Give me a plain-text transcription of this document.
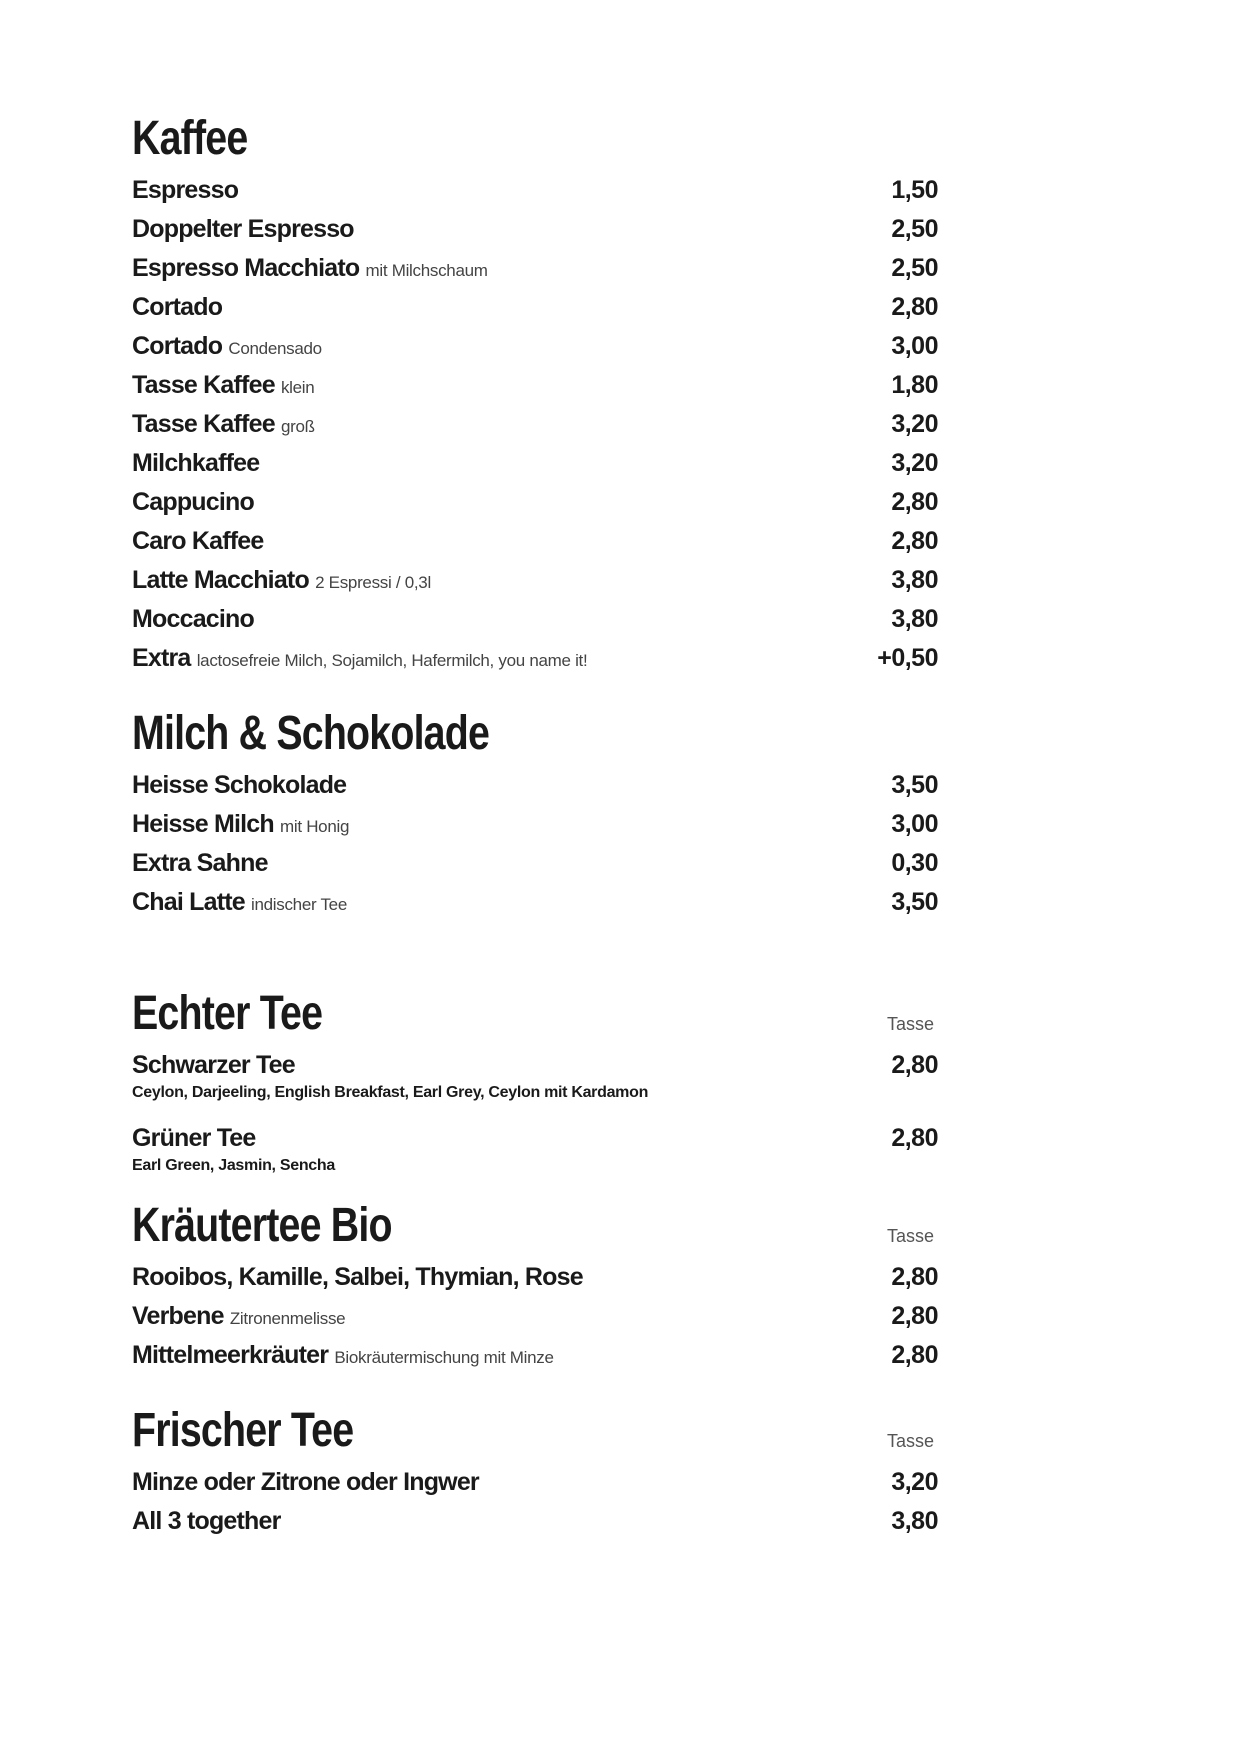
Kaffee
Espresso	1,50
Doppelter Espresso	2,50
Espresso Macchiato mit Milchschaum	2,50
Cortado	2,80
Cortado Condensado	3,00
Tasse Kaffee klein	1,80
Tasse Kaffee groß	3,20
Milchkaffee	3,20
Cappucino	2,80
Caro Kaffee	2,80
Latte Macchiato 2 Espressi / 0,3l	3,80
Moccacino	3,80
Extra lactosefreie Milch, Sojamilch, Hafermilch, you name it!	+0,50
Milch & Schokolade
Heisse Schokolade	3,50
Heisse Milch mit Honig	3,00
Extra Sahne	0,30
Chai Latte indischer Tee	3,50
Echter Tee	Tasse
Schwarzer Tee	2,80
Ceylon, Darjeeling, English Breakfast, Earl Grey, Ceylon mit Kardamon
Grüner Tee	2,80
Earl Green, Jasmin, Sencha
Kräutertee Bio	Tasse
Rooibos, Kamille, Salbei, Thymian, Rose	2,80
Verbene Zitronenmelisse	2,80
Mittelmeerkräuter Biokräutermischung mit Minze	2,80
Frischer Tee	Tasse
Minze oder Zitrone oder Ingwer	3,20
All 3 together	3,80
